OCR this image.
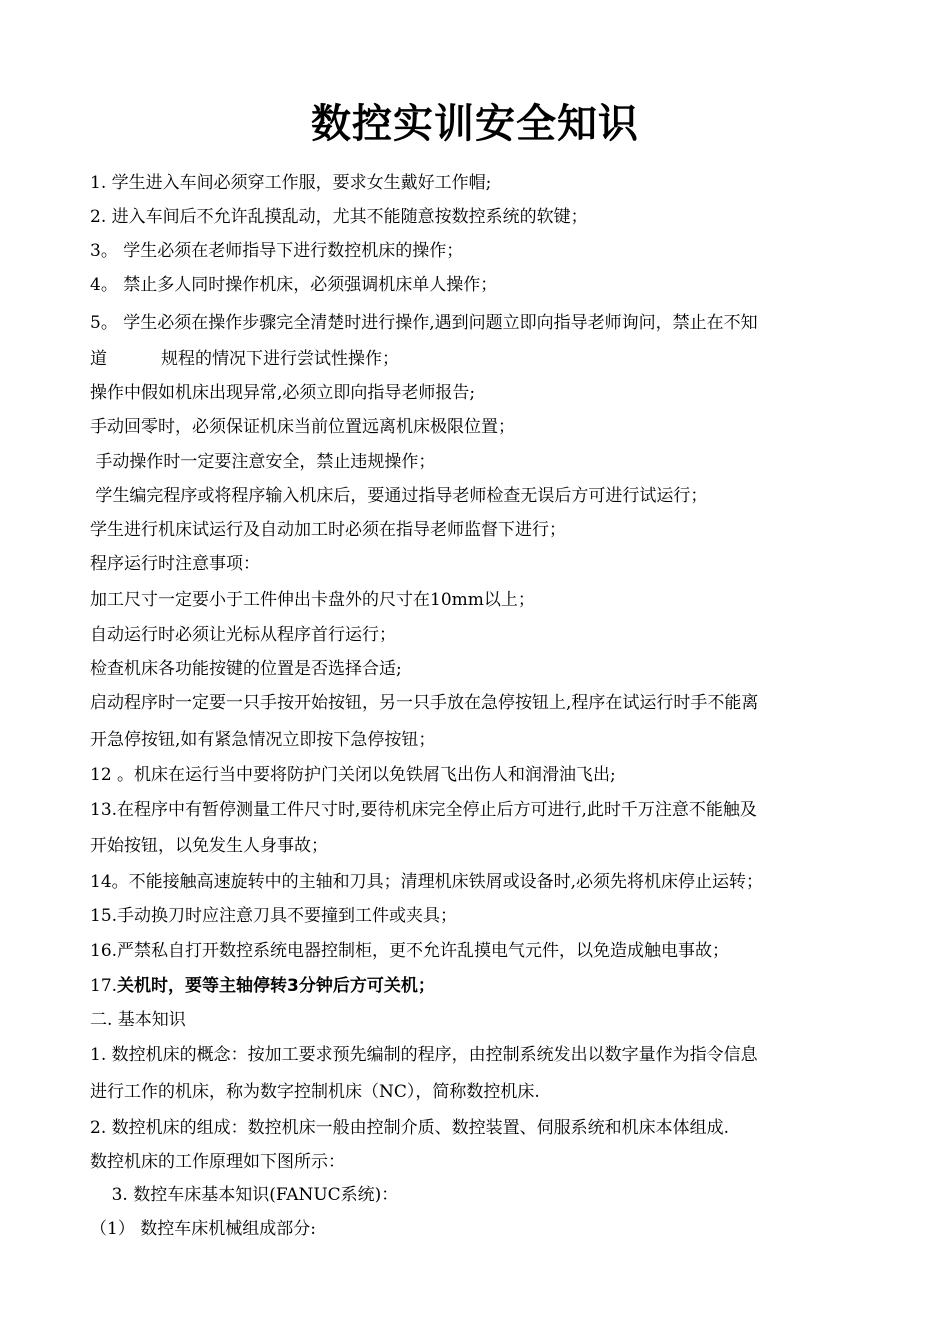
数控实训安全知识
1. 学生进入车间必须穿工作服，要求女生戴好工作帽;
2. 进入车间后不允许乱摸乱动，尤其不能随意按数控系统的软键；
3。 学生必须在老师指导下进行数控机床的操作；
4。 禁止多人同时操作机床，必须强调机床单人操作；
5。 学生必须在操作步骤完全清楚时进行操作,遇到问题立即向指导老师询问，禁止在不知
道          规程的情况下进行尝试性操作；
操作中假如机床出现异常,必须立即向指导老师报告;
手动回零时，必须保证机床当前位置远离机床极限位置；
手动操作时一定要注意安全，禁止违规操作；
学生编完程序或将程序输入机床后，要通过指导老师检查无误后方可进行试运行；
学生进行机床试运行及自动加工时必须在指导老师监督下进行；
程序运行时注意事项：
加工尺寸一定要小于工件伸出卡盘外的尺寸在10mm以上；
自动运行时必须让光标从程序首行运行；
检查机床各功能按键的位置是否选择合适;
启动程序时一定要一只手按开始按钮，另一只手放在急停按钮上,程序在试运行时手不能离
开急停按钮,如有紧急情况立即按下急停按钮；
12 。机床在运行当中要将防护门关闭以免铁屑飞出伤人和润滑油飞出;
13.在程序中有暂停测量工件尺寸时,要待机床完全停止后方可进行,此时千万注意不能触及
开始按钮，以免发生人身事故；
14。不能接触高速旋转中的主轴和刀具；清理机床铁屑或设备时,必须先将机床停止运转；
15.手动换刀时应注意刀具不要撞到工件或夹具；
16.严禁私自打开数控系统电器控制柜，更不允许乱摸电气元件，以免造成触电事故；
17.关机时，要等主轴停转3分钟后方可关机；
二. 基本知识
1. 数控机床的概念：按加工要求预先编制的程序，由控制系统发出以数字量作为指令信息
进行工作的机床，称为数字控制机床（NC），简称数控机床.
2. 数控机床的组成：数控机床一般由控制介质、数控装置、伺服系统和机床本体组成.
数控机床的工作原理如下图所示：
3. 数控车床基本知识(FANUC系统)：
（1） 数控车床机械组成部分:
